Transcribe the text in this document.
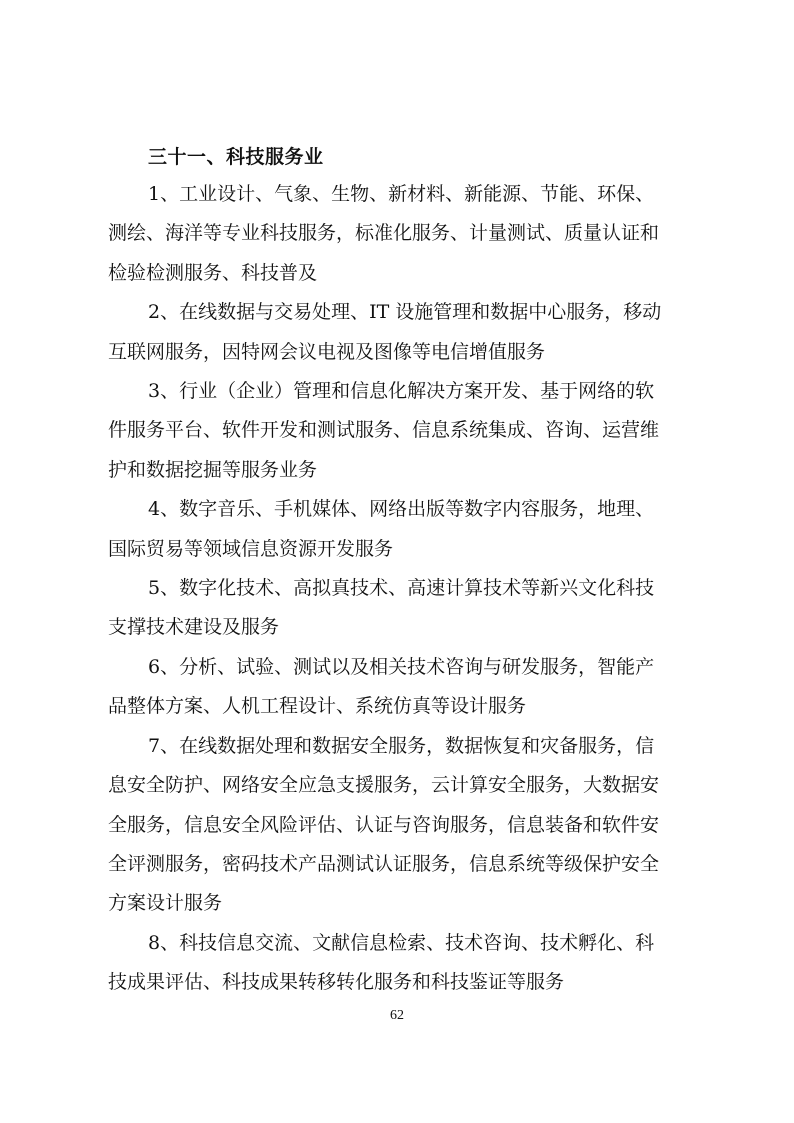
三十一、科技服务业

1、工业设计、气象、生物、新材料、新能源、节能、环保、
测绘、海洋等专业科技服务，标准化服务、计量测试、质量认证和
检验检测服务、科技普及

2、在线数据与交易处理、IT 设施管理和数据中心服务，移动
互联网服务，因特网会议电视及图像等电信增值服务

3、行业（企业）管理和信息化解决方案开发、基于网络的软
件服务平台、软件开发和测试服务、信息系统集成、咨询、运营维
护和数据挖掘等服务业务

4、数字音乐、手机媒体、网络出版等数字内容服务，地理、
国际贸易等领域信息资源开发服务

5、数字化技术、高拟真技术、高速计算技术等新兴文化科技
支撑技术建设及服务

6、分析、试验、测试以及相关技术咨询与研发服务，智能产
品整体方案、人机工程设计、系统仿真等设计服务

7、在线数据处理和数据安全服务，数据恢复和灾备服务，信
息安全防护、网络安全应急支援服务，云计算安全服务，大数据安
全服务，信息安全风险评估、认证与咨询服务，信息装备和软件安
全评测服务，密码技术产品测试认证服务，信息系统等级保护安全
方案设计服务

8、科技信息交流、文献信息检索、技术咨询、技术孵化、科
技成果评估、科技成果转移转化服务和科技鉴证等服务

62
